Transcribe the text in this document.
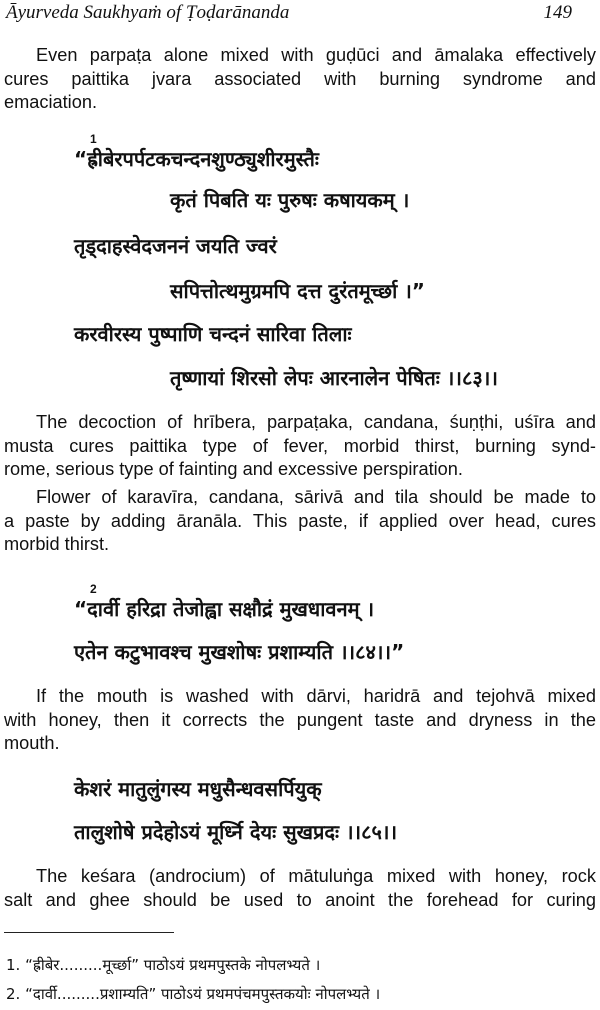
Āyurveda Saukhyaṁ of Ṭoḍarānanda	149
Even parpaṭa alone mixed with guḍūci and āmalaka effectively
cures paittika jvara associated with burning syndrome and
emaciation.
1
“ह्रीबेरपर्पटकचन्दनशुण्ठ्युशीरमुस्तैः
कृतं पिबति यः पुरुषः कषायकम् ।
तृड्दाहस्वेदजननं जयति ज्वरं
सपित्तोत्थमुग्रमपि दत्त दुरंतमूर्च्छा ।”
करवीरस्य पुष्पाणि चन्दनं सारिवा तिलाः
तृष्णायां शिरसो लेपः आरनालेन पेषितः ।।८३।।
The decoction of hrībera, parpaṭaka, candana, śuṇṭhi, uśīra and
musta cures paittika type of fever, morbid thirst, burning synd-
rome, serious type of fainting and excessive perspiration.
Flower of karavīra, candana, sārivā and tila should be made to
a paste by adding āranāla. This paste, if applied over head, cures
morbid thirst.
2
“दार्वी हरिद्रा तेजोह्वा सक्षौद्रं मुखधावनम् ।
एतेन कटुभावश्च मुखशोषः प्रशाम्यति ।।८४।।”
If the mouth is washed with dārvi, haridrā and tejohvā mixed
with honey, then it corrects the pungent taste and dryness in the
mouth.
केशरं मातुलुंगस्य मधुसैन्धवसर्पियुक्
तालुशोषे प्रदेहोऽयं मूर्ध्नि देयः सुखप्रदः ।।८५।।
The keśara (androcium) of mātuluṅga mixed with honey, rock
salt and ghee should be used to anoint the forehead for curing
1. “ह्रीबेर.........मूर्च्छा” पाठोऽयं प्रथमपुस्तके नोपलभ्यते ।
2. “दार्वी.........प्रशाम्यति” पाठोऽयं प्रथमपंचमपुस्तकयोः नोपलभ्यते ।
